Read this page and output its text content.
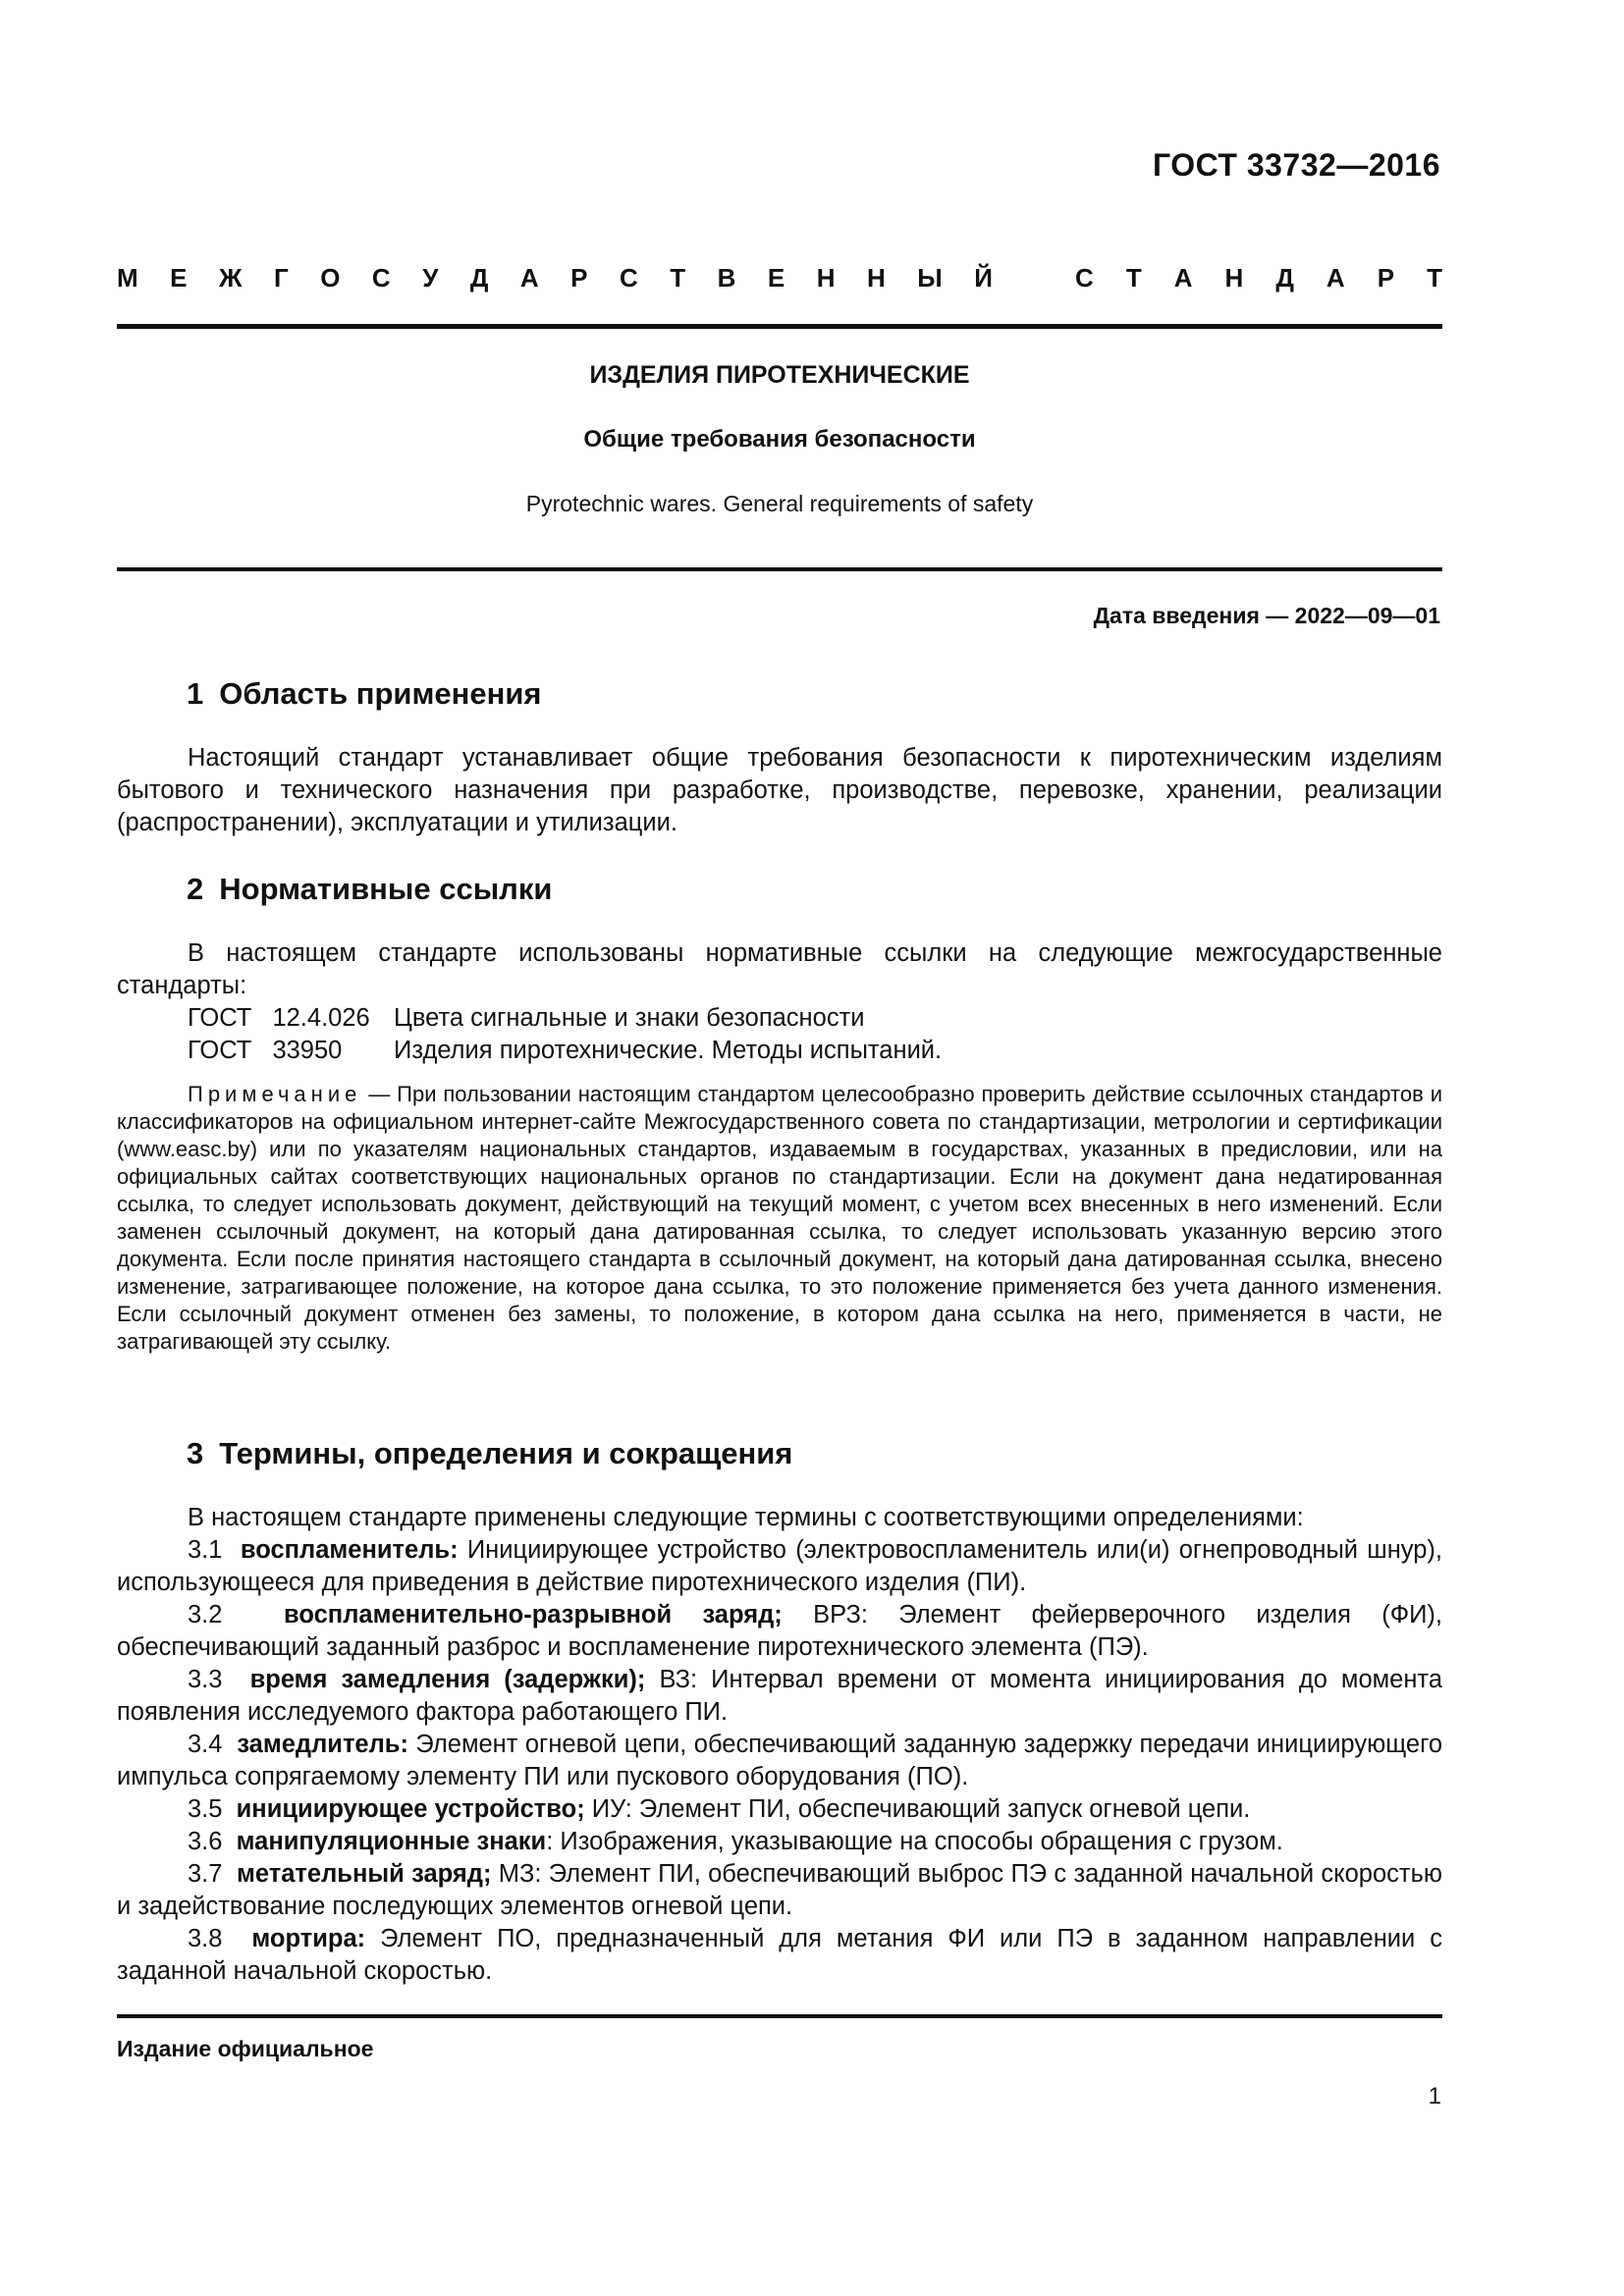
ГОСТ 33732—2016
М Е Ж Г О С У Д А Р С Т В Е Н Н Ы Й	С Т А Н Д А Р Т
ИЗДЕЛИЯ ПИРОТЕХНИЧЕСКИЕ
Общие требования безопасности
Pyrotechnic wares. General requirements of safety
Дата введения — 2022—09—01
1 Область применения

Настоящий стандарт устанавливает общие требования безопасности к пиротехническим изделиям бытового и технического назначения при разработке, производстве, перевозке, хранении, реализации (распространении), эксплуатации и утилизации.

2 Нормативные ссылки

В настоящем стандарте использованы нормативные ссылки на следующие межгосударственные стандарты:

ГОСТ 12.4.026 Цвета сигнальные и знаки безопасности
ГОСТ 33950 Изделия пиротехнические. Методы испытаний.

Примечание — При пользовании настоящим стандартом целесообразно проверить действие ссылочных стандартов и классификаторов на официальном интернет-сайте Межгосударственного совета по стандартизации, метрологии и сертификации (www.easc.by) или по указателям национальных стандартов, издаваемым в государствах, указанных в предисловии, или на официальных сайтах соответствующих национальных органов по стандартизации. Если на документ дана недатированная ссылка, то следует использовать документ, действующий на текущий момент, с учетом всех внесенных в него изменений. Если заменен ссылочный документ, на который дана датированная ссылка, то следует использовать указанную версию этого документа. Если после принятия настоящего стандарта в ссылочный документ, на который дана датированная ссылка, внесено изменение, затрагивающее положение, на которое дана ссылка, то это положение применяется без учета данного изменения. Если ссылочный документ отменен без замены, то положение, в котором дана ссылка на него, применяется в части, не затрагивающей эту ссылку.

3 Термины, определения и сокращения

В настоящем стандарте применены следующие термины с соответствующими определениями:

3.1 воспламенитель: Инициирующее устройство (электровоспламенитель или(и) огнепроводный шнур), использующееся для приведения в действие пиротехнического изделия (ПИ).

3.2 воспламенительно-разрывной заряд; ВРЗ: Элемент фейерверочного изделия (ФИ), обеспечивающий заданный разброс и воспламенение пиротехнического элемента (ПЭ).

3.3 время замедления (задержки); ВЗ: Интервал времени от момента инициирования до момента появления исследуемого фактора работающего ПИ.

3.4 замедлитель: Элемент огневой цепи, обеспечивающий заданную задержку передачи инициирующего импульса сопрягаемому элементу ПИ или пускового оборудования (ПО).

3.5 инициирующее устройство; ИУ: Элемент ПИ, обеспечивающий запуск огневой цепи.

3.6 манипуляционные знаки: Изображения, указывающие на способы обращения с грузом.

3.7 метательный заряд; МЗ: Элемент ПИ, обеспечивающий выброс ПЭ с заданной начальной скоростью и задействование последующих элементов огневой цепи.

3.8 мортира: Элемент ПО, предназначенный для метания ФИ или ПЭ в заданном направлении с заданной начальной скоростью.

Издание официальное
1
